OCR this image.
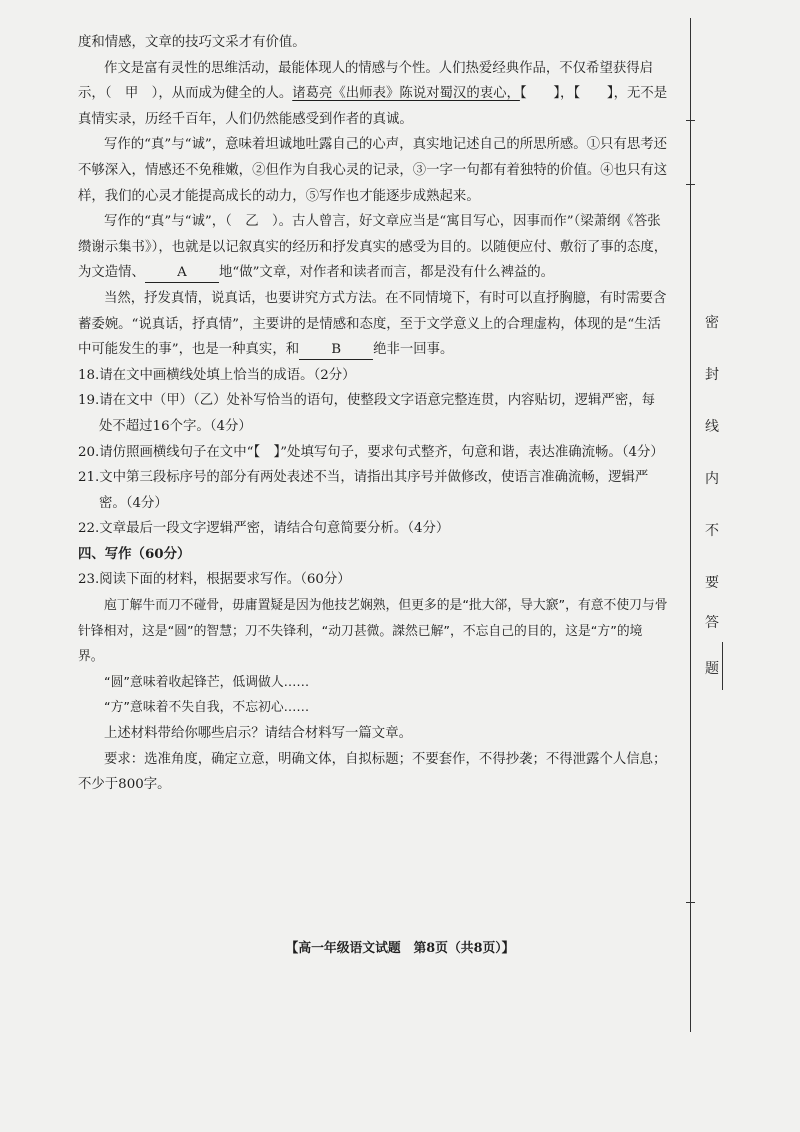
度和情感，文章的技巧文采才有价值。

作文是富有灵性的思维活动，最能体现人的情感与个性。人们热爱经典作品，不仅希望获得启示，（　甲　），从而成为健全的人。诸葛亮《出师表》陈说对蜀汉的衷心，【　　】，【　　】，无不是真情实录，历经千百年，人们仍然能感受到作者的真诚。

写作的“真”与“诚”，意味着坦诚地吐露自己的心声，真实地记述自己的所思所感。①只有思考还不够深入，情感还不免稚嫩，②但作为自我心灵的记录，③一字一句都有着独特的价值。④也只有这样，我们的心灵才能提高成长的动力，⑤写作也才能逐步成熟起来。

写作的“真”与“诚”，（　乙　）。古人曾言，好文章应当是“寓目写心，因事而作”（梁萧纲《答张缵谢示集书》），也就是以记叙真实的经历和抒发真实的感受为目的。以随便应付、敷衍了事的态度，为文造情、 A 地“做”文章，对作者和读者而言，都是没有什么裨益的。

当然，抒发真情，说真话，也要讲究方式方法。在不同情境下，有时可以直抒胸臆，有时需要含蓄委婉。“说真话，抒真情”，主要讲的是情感和态度，至于文学意义上的合理虚构，体现的是“生活中可能发生的事”，也是一种真实，和 B 绝非一回事。

18.请在文中画横线处填上恰当的成语。（2分）

19.请在文中（甲）（乙）处补写恰当的语句，使整段文字语意完整连贯，内容贴切，逻辑严密，每处不超过16个字。（4分）

20.请仿照画横线句子在文中“【　】”处填写句子，要求句式整齐，句意和谐，表达准确流畅。（4分）

21.文中第三段标序号的部分有两处表述不当，请指出其序号并做修改，使语言准确流畅，逻辑严密。（4分）

22.文章最后一段文字逻辑严密，请结合句意简要分析。（4分）

四、写作（60分）

23.阅读下面的材料，根据要求写作。（60分）

庖丁解牛而刀不碰骨，毋庸置疑是因为他技艺娴熟，但更多的是“批大郤，导大窾”，有意不使刀与骨针锋相对，这是“圆”的智慧；刀不失锋利，“动刀甚微。謋然已解”，不忘自己的目的，这是“方”的境界。

“圆”意味着收起锋芒，低调做人……

“方”意味着不失自我，不忘初心……

上述材料带给你哪些启示？请结合材料写一篇文章。

要求：选准角度，确定立意，明确文体，自拟标题；不要套作，不得抄袭；不得泄露个人信息；不少于800字。

【高一年级语文试题　第8页（共8页）】
密
封
线
内
不
要
答
题
